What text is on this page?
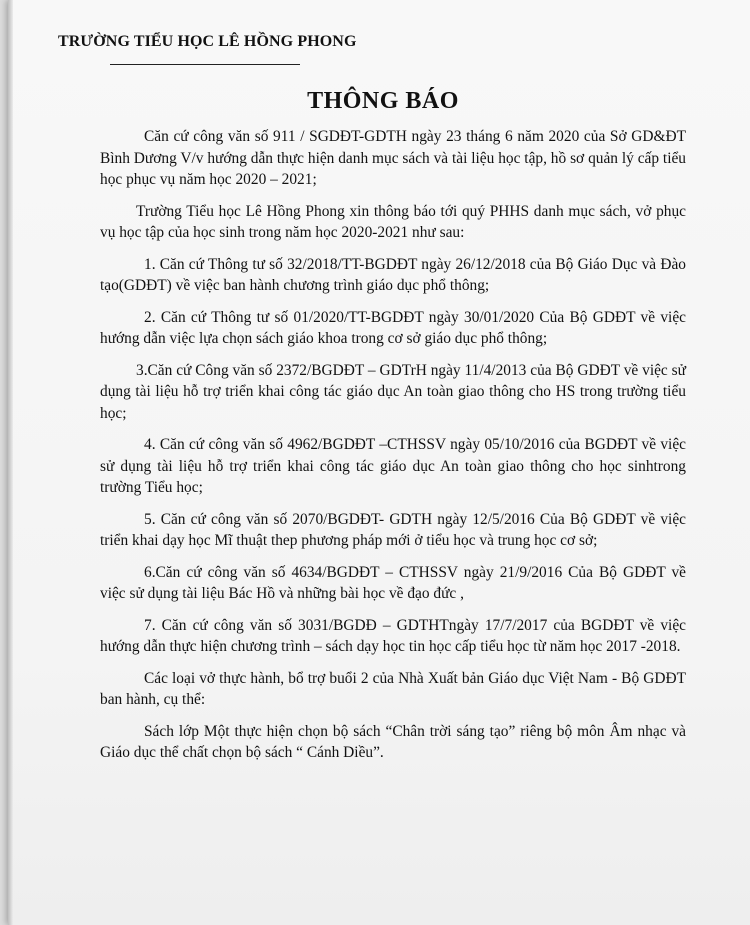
TRƯỜNG TIỂU HỌC LÊ HỒNG PHONG
THÔNG BÁO

Căn cứ công văn số 911 / SGDĐT-GDTH ngày 23 tháng 6 năm 2020 của Sở GD&ĐT Bình Dương V/v hướng dẫn thực hiện danh mục sách và tài liệu học tập, hồ sơ quản lý cấp tiểu học phục vụ năm học 2020 – 2021;

Trường Tiểu học Lê Hồng Phong xin thông báo tới quý PHHS danh mục sách, vở phục vụ học tập của học sinh trong năm học 2020-2021 như sau:

1. Căn cứ Thông tư số 32/2018/TT-BGDĐT ngày 26/12/2018 của Bộ Giáo Dục và Đào tạo(GDĐT) về việc ban hành chương trình giáo dục phổ thông;

2. Căn cứ Thông tư số 01/2020/TT-BGDĐT ngày 30/01/2020 Của Bộ GDĐT về việc hướng dẫn việc lựa chọn sách giáo khoa trong cơ sở giáo dục phổ thông;

3.Căn cứ Công văn số 2372/BGDĐT – GDTrH ngày 11/4/2013 của Bộ GDĐT về việc sử dụng tài liệu hỗ trợ triển khai công tác giáo dục An toàn giao thông cho HS trong trường tiểu học;

4. Căn cứ công văn số 4962/BGDĐT –CTHSSV ngày 05/10/2016 của BGDĐT về việc sử dụng tài liệu hỗ trợ triển khai công tác giáo dục An toàn giao thông cho học sinhtrong trường Tiểu học;

5. Căn cứ công văn số 2070/BGDĐT- GDTH ngày 12/5/2016 Của Bộ GDĐT về việc triển khai dạy học Mĩ thuật thep phương pháp mới ở tiểu học và trung học cơ sở;

6.Căn cứ công văn số 4634/BGDĐT – CTHSSV ngày 21/9/2016 Của Bộ GDĐT về việc sử dụng tài liệu Bác Hồ và những bài học về đạo đức ,

7. Căn cứ công văn số 3031/BGDĐ – GDTHTngày 17/7/2017 của BGDĐT về việc hướng dẫn thực hiện chương trình – sách dạy học tin học cấp tiểu học từ năm học 2017 -2018.

Các loại vở thực hành, bổ trợ buổi 2 của Nhà Xuất bản Giáo dục Việt Nam - Bộ GDĐT ban hành, cụ thể:

Sách lớp Một thực hiện chọn bộ sách “Chân trời sáng tạo” riêng bộ môn Âm nhạc và Giáo dục thể chất chọn bộ sách “ Cánh Diều”.
